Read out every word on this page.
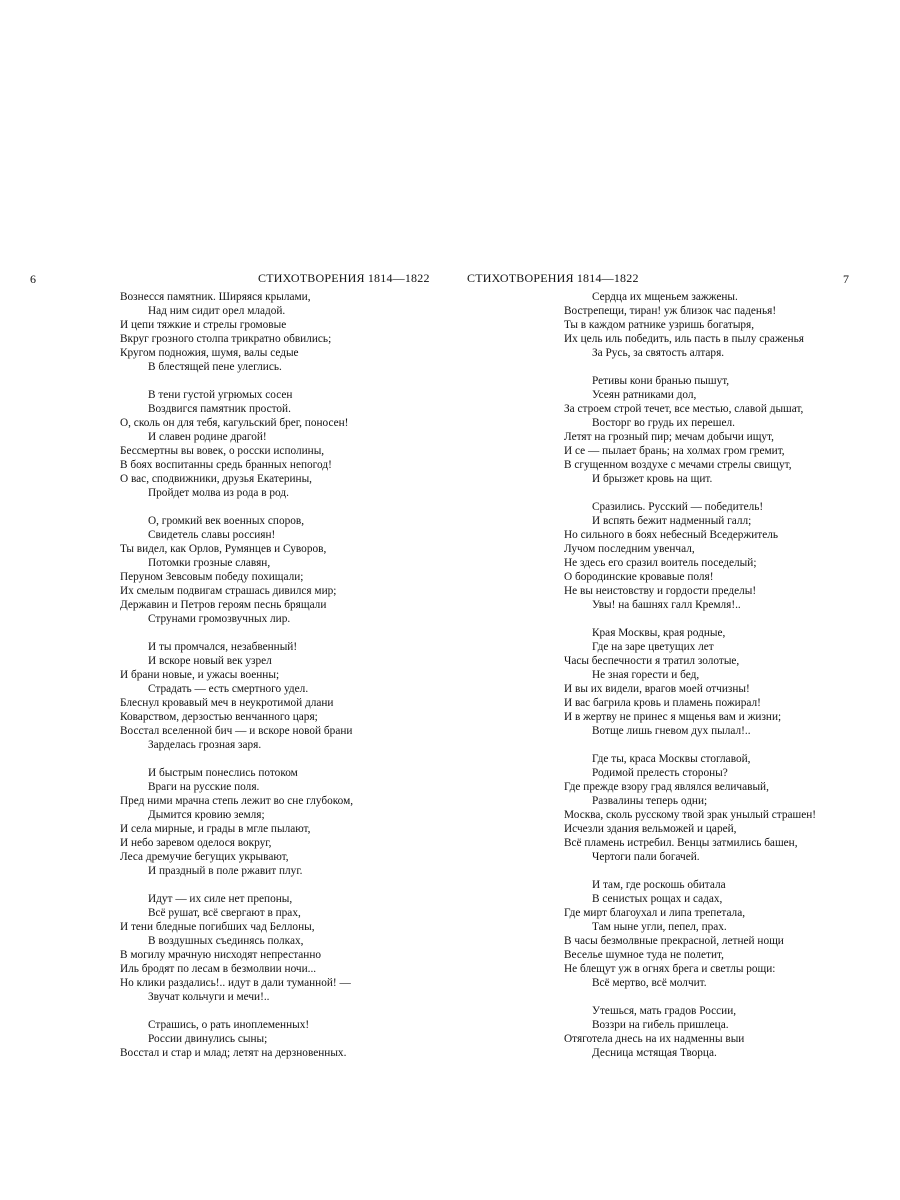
6	СТИХОТВОРЕНИЯ 1814—1822
Вознесся памятник. Ширяяся крылами,
Над ним сидит орел младой.
И цепи тяжкие и стрелы громовые
Вкруг грозного столпа трикратно обвились;
Кругом подножия, шумя, валы седые
В блестящей пене улеглись.
В тени густой угрюмых сосен
Воздвигся памятник простой.
О, сколь он для тебя, кагульский брег, поносен!
И славен родине драгой!
Бессмертны вы вовек, о росски исполины,
В боях воспитанны средь бранных непогод!
О вас, сподвижники, друзья Екатерины,
Пройдет молва из рода в род.
О, громкий век военных споров,
Свидетель славы россиян!
Ты видел, как Орлов, Румянцев и Суворов,
Потомки грозные славян,
Перуном Зевсовым победу похищали;
Их смелым подвигам страшась дивился мир;
Державин и Петров героям песнь брящали
Струнами громозвучных лир.
И ты промчался, незабвенный!
И вскоре новый век узрел
И брани новые, и ужасы военны;
Страдать — есть смертного удел.
Блеснул кровавый меч в неукротимой длани
Коварством, дерзостью венчанного царя;
Восстал вселенной бич — и вскоре новой брани
Зарделась грозная заря.
И быстрым понеслись потоком
Враги на русские поля.
Пред ними мрачна степь лежит во сне глубоком,
Дымится кровию земля;
И села мирные, и грады в мгле пылают,
И небо заревом оделося вокруг,
Леса дремучие бегущих укрывают,
И праздный в поле ржавит плуг.
Идут — их силе нет препоны,
Всё рушат, всё свергают в прах,
И тени бледные погибших чад Беллоны,
В воздушных съединясь полках,
В могилу мрачную нисходят непрестанно
Иль бродят по лесам в безмолвии ночи...
Но клики раздались!.. идут в дали туманной! —
Звучат кольчуги и мечи!..
Страшись, о рать иноплеменных!
России двинулись сыны;
Восстал и стар и млад; летят на дерзновенных.
7
СТИХОТВОРЕНИЯ 1814—1822
Сердца их мщеньем зажжены.
Вострепещи, тиран! уж близок час паденья!
Ты в каждом ратнике узришь богатыря,
Их цель иль победить, иль пасть в пылу сраженья
За Русь, за святость алтаря.
Ретивы кони бранью пышут,
Усеян ратниками дол,
За строем строй течет, все местью, славой дышат,
Восторг во грудь их перешел.
Летят на грозный пир; мечам добычи ищут,
И се — пылает брань; на холмах гром гремит,
В сгущенном воздухе с мечами стрелы свищут,
И брызжет кровь на щит.
Сразились. Русский — победитель!
И вспять бежит надменный галл;
Но сильного в боях небесный Вседержитель
Лучом последним увенчал,
Не здесь его сразил воитель поседелый;
О бородинские кровавые поля!
Не вы неистовству и гордости пределы!
Увы! на башнях галл Кремля!..
Края Москвы, края родные,
Где на заре цветущих лет
Часы беспечности я тратил золотые,
Не зная горести и бед,
И вы их видели, врагов моей отчизны!
И вас багрила кровь и пламень пожирал!
И в жертву не принес я мщенья вам и жизни;
Вотще лишь гневом дух пылал!..
Где ты, краса Москвы стоглавой,
Родимой прелесть стороны?
Где прежде взору град являлся величавый,
Развалины теперь одни;
Москва, сколь русскому твой зрак унылый страшен!
Исчезли здания вельможей и царей,
Всё пламень истребил. Венцы затмились башен,
Чертоги пали богачей.
И там, где роскошь обитала
В сенистых рощах и садах,
Где мирт благоухал и липа трепетала,
Там ныне угли, пепел, прах.
В часы безмолвные прекрасной, летней нощи
Веселье шумное туда не полетит,
Не блещут уж в огнях брега и светлы рощи:
Всё мертво, всё молчит.
Утешься, мать градов России,
Воззри на гибель пришлеца.
Отяготела днесь на их надменны выи
Десница мстящая Творца.
